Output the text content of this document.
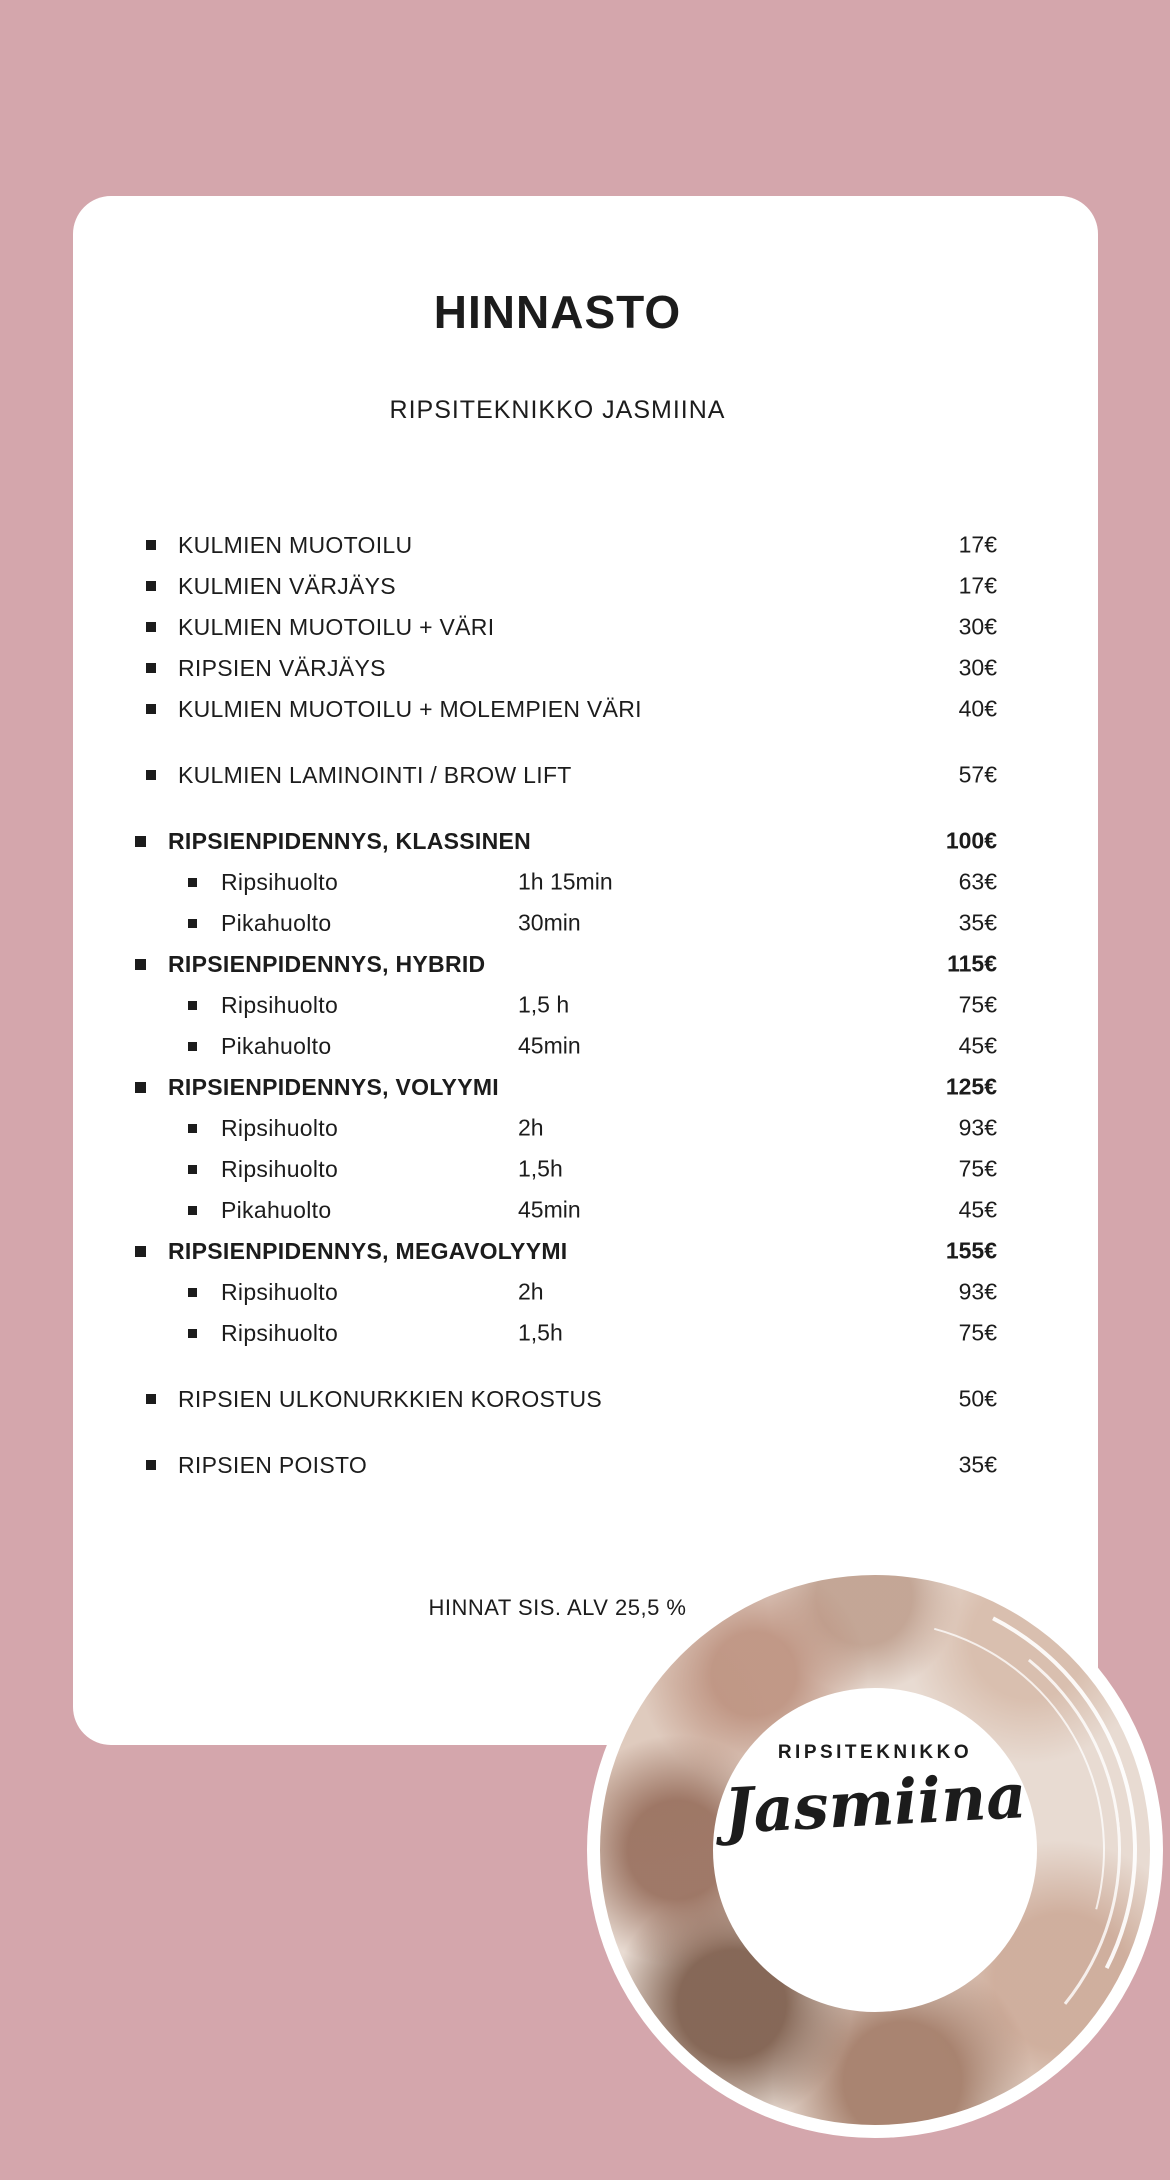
HINNASTO
RIPSITEKNIKKO JASMIINA
KULMIEN MUOTOILU	17€
KULMIEN VÄRJÄYS	17€
KULMIEN MUOTOILU + VÄRI	30€
RIPSIEN VÄRJÄYS	30€
KULMIEN MUOTOILU + MOLEMPIEN VÄRI	40€
KULMIEN LAMINOINTI / BROW LIFT	57€
RIPSIENPIDENNYS, KLASSINEN	100€
Ripsihuolto	1h 15min	63€
Pikahuolto	30min	35€
RIPSIENPIDENNYS, HYBRID	115€
Ripsihuolto	1,5 h	75€
Pikahuolto	45min	45€
RIPSIENPIDENNYS, VOLYYMI	125€
Ripsihuolto	2h	93€
Ripsihuolto	1,5h	75€
Pikahuolto	45min	45€
RIPSIENPIDENNYS, MEGAVOLYYMI	155€
Ripsihuolto	2h	93€
Ripsihuolto	1,5h	75€
RIPSIEN ULKONURKKIEN KOROSTUS	50€
RIPSIEN POISTO	35€
HINNAT SIS. ALV 25,5 %
RIPSITEKNIKKO
Jasmiina
